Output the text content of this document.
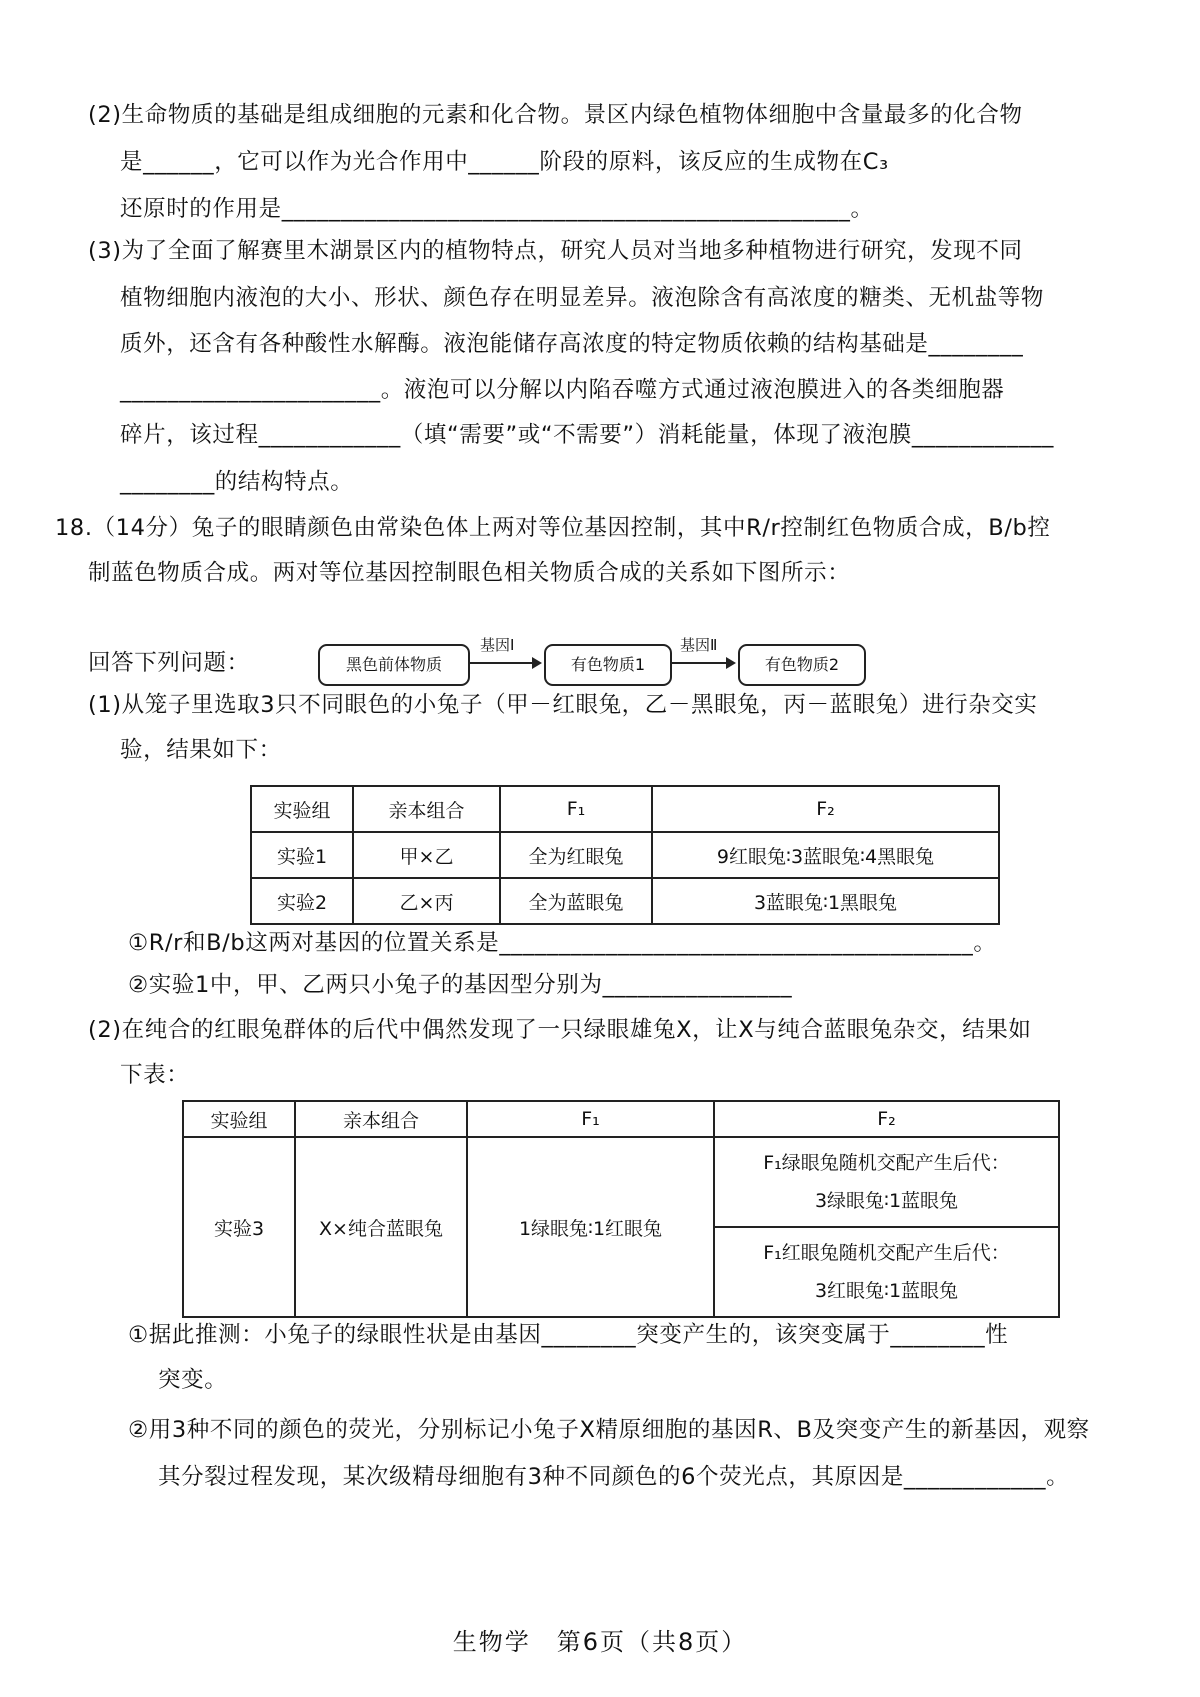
(2)生命物质的基础是组成细胞的元素和化合物。景区内绿色植物体细胞中含量最多的化合物
是______，它可以作为光合作用中______阶段的原料，该反应的生成物在C₃
还原时的作用是________________________________________________。
(3)为了全面了解赛里木湖景区内的植物特点，研究人员对当地多种植物进行研究，发现不同
植物细胞内液泡的大小、形状、颜色存在明显差异。液泡除含有高浓度的糖类、无机盐等物
质外，还含有各种酸性水解酶。液泡能储存高浓度的特定物质依赖的结构基础是________
______________________。液泡可以分解以内陷吞噬方式通过液泡膜进入的各类细胞器
碎片，该过程____________（填“需要”或“不需要”）消耗能量，体现了液泡膜____________
________的结构特点。
18.（14分）兔子的眼睛颜色由常染色体上两对等位基因控制，其中R/r控制红色物质合成，B/b控
制蓝色物质合成。两对等位基因控制眼色相关物质合成的关系如下图所示：
黑色前体物质
基因Ⅰ
有色物质1
基因Ⅱ
有色物质2
回答下列问题：
(1)从笼子里选取3只不同眼色的小兔子（甲－红眼兔，乙－黑眼兔，丙－蓝眼兔）进行杂交实
验，结果如下：
实验组	亲本组合	F₁	F₂
实验1	甲×乙	全为红眼兔	9红眼兔∶3蓝眼兔∶4黑眼兔
实验2	乙×丙	全为蓝眼兔	3蓝眼兔∶1黑眼兔
①R/r和B/b这两对基因的位置关系是________________________________________。
②实验1中，甲、乙两只小兔子的基因型分别为________________
(2)在纯合的红眼兔群体的后代中偶然发现了一只绿眼雄兔X，让X与纯合蓝眼兔杂交，结果如
下表：
实验组	亲本组合	F₁	F₂
实验3	X×纯合蓝眼兔	1绿眼兔∶1红眼兔	F₁绿眼兔随机交配产生后代：
3绿眼兔∶1蓝眼兔

			F₁红眼兔随机交配产生后代：
3红眼兔∶1蓝眼兔
①据此推测：小兔子的绿眼性状是由基因________突变产生的，该突变属于________性
突变。
②用3种不同的颜色的荧光，分别标记小兔子X精原细胞的基因R、B及突变产生的新基因，观察
其分裂过程发现，某次级精母细胞有3种不同颜色的6个荧光点，其原因是____________。
生物学　第6页（共8页）
